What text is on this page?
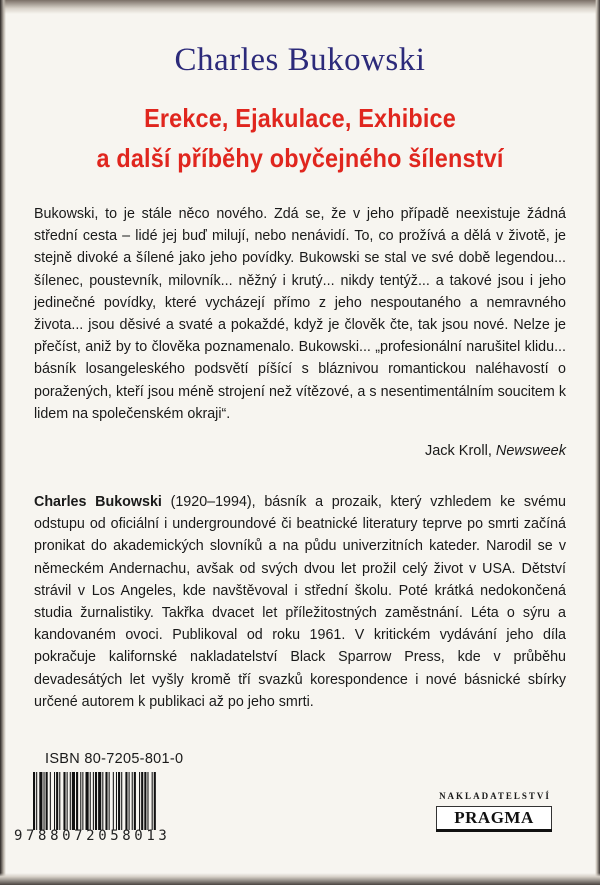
Charles Bukowski
Erekce, Ejakulace, Exhibice
a další příběhy obyčejného šílenství
Bukowski, to je stále něco nového. Zdá se, že v jeho případě neexistuje žádná střední cesta – lidé jej buď milují, nebo nenávidí. To, co prožívá a dělá v životě, je stejně divoké a šílené jako jeho povídky. Bukowski se stal ve své době legendou... šílenec, poustevník, milovník... něžný i krutý... nikdy tentýž... a takové jsou i jeho jedinečné povídky, které vycházejí přímo z jeho nespoutaného a nemravného života... jsou děsivé a svaté a pokaždé, když je člověk čte, tak jsou nové. Nelze je přečíst, aniž by to člověka poznamenalo. Bukowski... „profesionální narušitel klidu... básník losangeleského podsvětí píšící s bláznivou romantickou naléhavostí o poražených, kteří jsou méně strojení než vítězové, a s nesentimentálním soucitem k lidem na společenském okraji“.
Jack Kroll, Newsweek
Charles Bukowski (1920–1994), básník a prozaik, který vzhledem ke svému odstupu od oficiální i undergroundové či beatnické literatury teprve po smrti začíná pronikat do akademických slovníků a na půdu univerzitních kateder. Narodil se v německém Andernachu, avšak od svých dvou let prožil celý život v USA. Dětství strávil v Los Angeles, kde navštěvoval i střední školu. Poté krátká nedokončená studia žurnalistiky. Takřka dvacet let příležitostných zaměstnání. Léta o sýru a kandovaném ovoci. Publikoval od roku 1961. V kritickém vydávání jeho díla pokračuje kalifornské nakladatelství Black Sparrow Press, kde v průběhu devadesátých let vyšly kromě tří svazků korespondence i nové básnické sbírky určené autorem k publikaci až po jeho smrti.
ISBN 80-7205-801-0
9788072058013
NAKLADATELSTVÍ
PRAGMA
